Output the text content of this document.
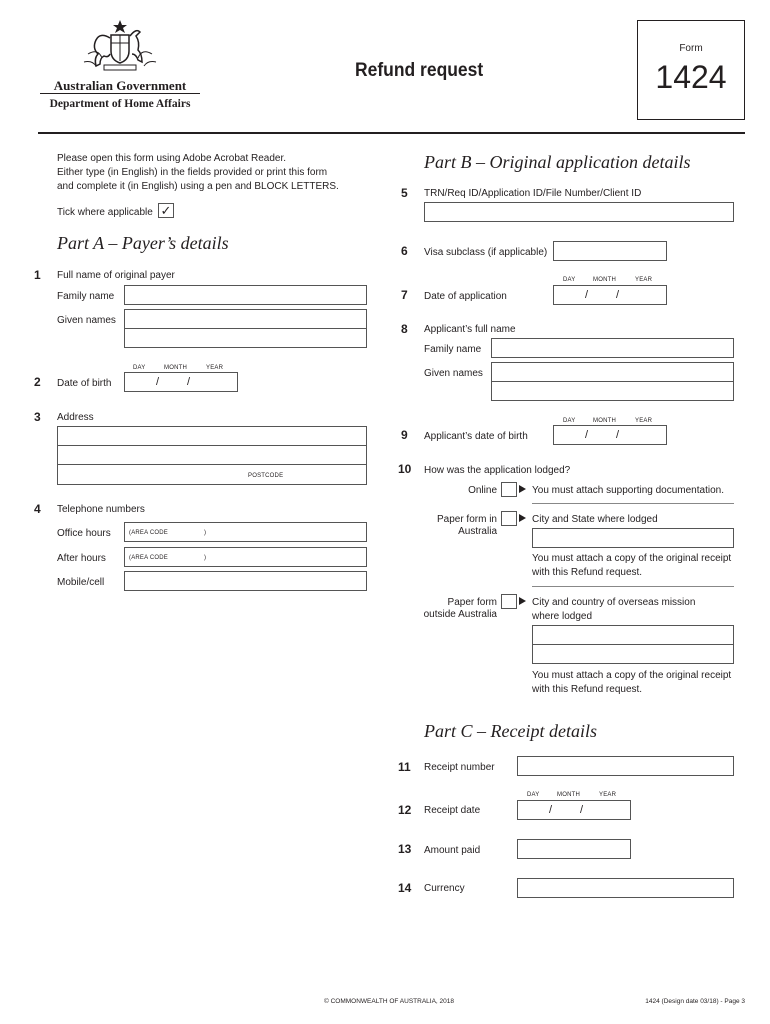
Australian Government
Department of Home Affairs
Refund request
Form
1424
Please open this form using Adobe Acrobat Reader.
Either type (in English) in the fields provided or print this form
and complete it (in English) using a pen and BLOCK LETTERS.
Tick where applicable ✓
Part A – Payer’s details
1 Full name of original payer
Family name
Given names
DAY	MONTH	YEAR
2 Date of birth	/	/
3 Address
POSTCODE
4 Telephone numbers
Office hours	(AREA CODE	)
After hours	(AREA CODE	)
Mobile/cell
Part B – Original application details
5 TRN/Req ID/Application ID/File Number/Client ID
6 Visa subclass (if applicable)
DAY	MONTH	YEAR
7 Date of application	/	/
8 Applicant’s full name
Family name
Given names
DAY	MONTH	YEAR
9 Applicant’s date of birth	/	/
10 How was the application lodged?
Online	You must attach supporting documentation.
Paper form in
Australia
City and State where lodged
You must attach a copy of the original receipt
with this Refund request.
Paper form
outside Australia
City and country of overseas mission
where lodged
You must attach a copy of the original receipt
with this Refund request.
Part C – Receipt details
11 Receipt number
DAY	MONTH	YEAR
12 Receipt date	/	/
13 Amount paid
14 Currency
© COMMONWEALTH OF AUSTRALIA, 2018	1424 (Design date 03/18) - Page 3
